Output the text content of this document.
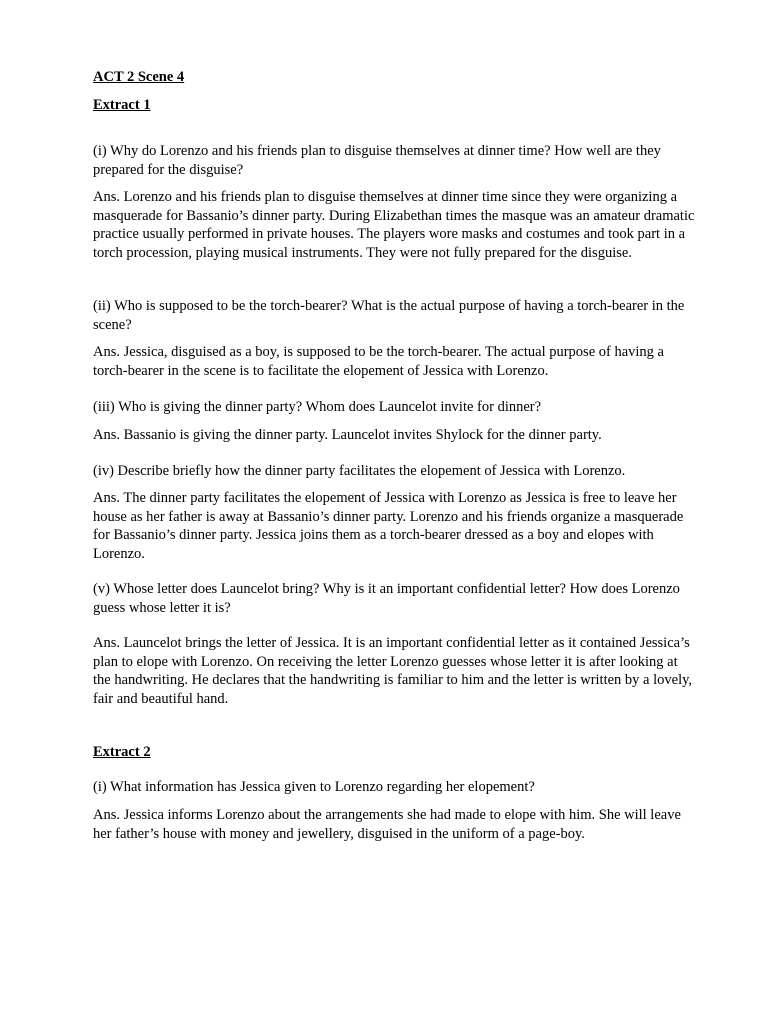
ACT 2 Scene 4

Extract 1

(i) Why do Lorenzo and his friends plan to disguise themselves at dinner time? How well are they prepared for the disguise?

Ans. Lorenzo and his friends plan to disguise themselves at dinner time since they were organizing a masquerade for Bassanio’s dinner party. During Elizabethan times the masque was an amateur dramatic practice usually performed in private houses. The players wore masks and costumes and took part in a torch procession, playing musical instruments. They were not fully prepared for the disguise.

(ii) Who is supposed to be the torch-bearer? What is the actual purpose of having a torch-bearer in the scene?

Ans. Jessica, disguised as a boy, is supposed to be the torch-bearer. The actual purpose of having a torch-bearer in the scene is to facilitate the elopement of Jessica with Lorenzo.

(iii) Who is giving the dinner party? Whom does Launcelot invite for dinner?

Ans. Bassanio is giving the dinner party. Launcelot invites Shylock for the dinner party.

(iv) Describe briefly how the dinner party facilitates the elopement of Jessica with Lorenzo.

Ans. The dinner party facilitates the elopement of Jessica with Lorenzo as Jessica is free to leave her house as her father is away at Bassanio’s dinner party. Lorenzo and his friends organize a masquerade for Bassanio’s dinner party. Jessica joins them as a torch-bearer dressed as a boy and elopes with Lorenzo.

(v) Whose letter does Launcelot bring? Why is it an important confidential letter? How does Lorenzo guess whose letter it is?

Ans. Launcelot brings the letter of Jessica. It is an important confidential letter as it contained Jessica’s plan to elope with Lorenzo. On receiving the letter Lorenzo guesses whose letter it is after looking at the handwriting. He declares that the handwriting is familiar to him and the letter is written by a lovely, fair and beautiful hand.

Extract 2

(i) What information has Jessica given to Lorenzo regarding her elopement?

Ans. Jessica informs Lorenzo about the arrangements she had made to elope with him. She will leave her father’s house with money and jewellery, disguised in the uniform of a page-boy.
